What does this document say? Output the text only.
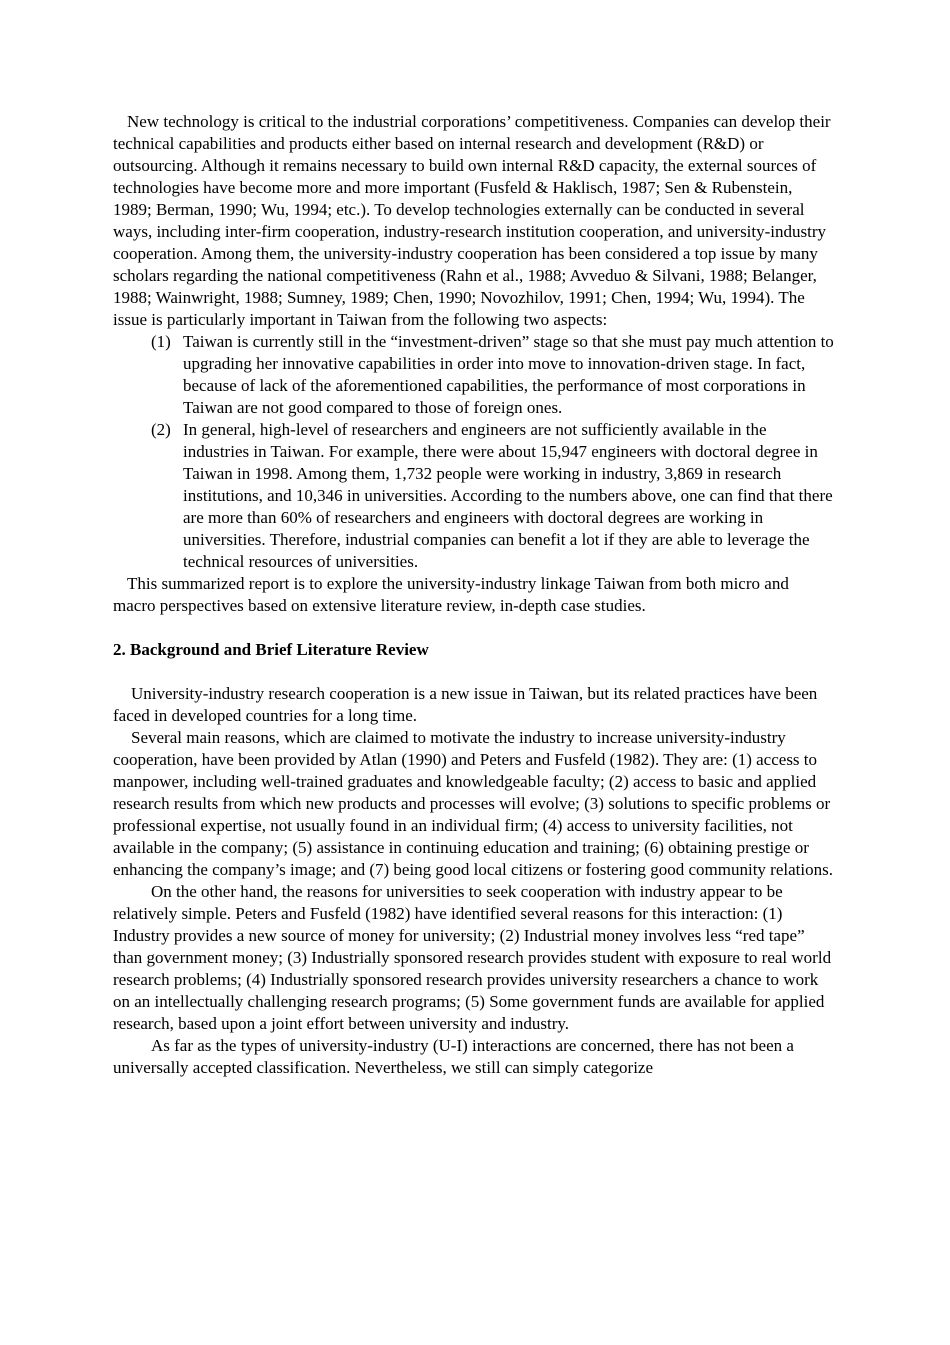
New technology is critical to the industrial corporations’ competitiveness. Companies can develop their technical capabilities and products either based on internal research and development (R&D) or outsourcing. Although it remains necessary to build own internal R&D capacity, the external sources of technologies have become more and more important (Fusfeld & Haklisch, 1987; Sen & Rubenstein, 1989; Berman, 1990; Wu, 1994; etc.). To develop technologies externally can be conducted in several ways, including inter-firm cooperation, industry-research institution cooperation, and university-industry cooperation. Among them, the university-industry cooperation has been considered a top issue by many scholars regarding the national competitiveness (Rahn et al., 1988; Avveduo & Silvani, 1988; Belanger, 1988; Wainwright, 1988; Sumney, 1989; Chen, 1990; Novozhilov, 1991; Chen, 1994; Wu, 1994). The issue is particularly important in Taiwan from the following two aspects:

(1) Taiwan is currently still in the “investment-driven” stage so that she must pay much attention to upgrading her innovative capabilities in order into move to innovation-driven stage. In fact, because of lack of the aforementioned capabilities, the performance of most corporations in Taiwan are not good compared to those of foreign ones.
(2) In general, high-level of researchers and engineers are not sufficiently available in the industries in Taiwan. For example, there were about 15,947 engineers with doctoral degree in Taiwan in 1998. Among them, 1,732 people were working in industry, 3,869 in research institutions, and 10,346 in universities. According to the numbers above, one can find that there are more than 60% of researchers and engineers with doctoral degrees are working in universities. Therefore, industrial companies can benefit a lot if they are able to leverage the technical resources of universities.

This summarized report is to explore the university-industry linkage Taiwan from both micro and macro perspectives based on extensive literature review, in-depth case studies.

2. Background and Brief Literature Review

University-industry research cooperation is a new issue in Taiwan, but its related practices have been faced in developed countries for a long time.

Several main reasons, which are claimed to motivate the industry to increase university-industry cooperation, have been provided by Atlan (1990) and Peters and Fusfeld (1982). They are: (1) access to manpower, including well-trained graduates and knowledgeable faculty; (2) access to basic and applied research results from which new products and processes will evolve; (3) solutions to specific problems or professional expertise, not usually found in an individual firm; (4) access to university facilities, not available in the company; (5) assistance in continuing education and training; (6) obtaining prestige or enhancing the company’s image; and (7) being good local citizens or fostering good community relations.

On the other hand, the reasons for universities to seek cooperation with industry appear to be relatively simple. Peters and Fusfeld (1982) have identified several reasons for this interaction: (1) Industry provides a new source of money for university; (2) Industrial money involves less “red tape” than government money; (3) Industrially sponsored research provides student with exposure to real world research problems; (4) Industrially sponsored research provides university researchers a chance to work on an intellectually challenging research programs; (5) Some government funds are available for applied research, based upon a joint effort between university and industry.

As far as the types of university-industry (U-I) interactions are concerned, there has not been a universally accepted classification. Nevertheless, we still can simply categorize
